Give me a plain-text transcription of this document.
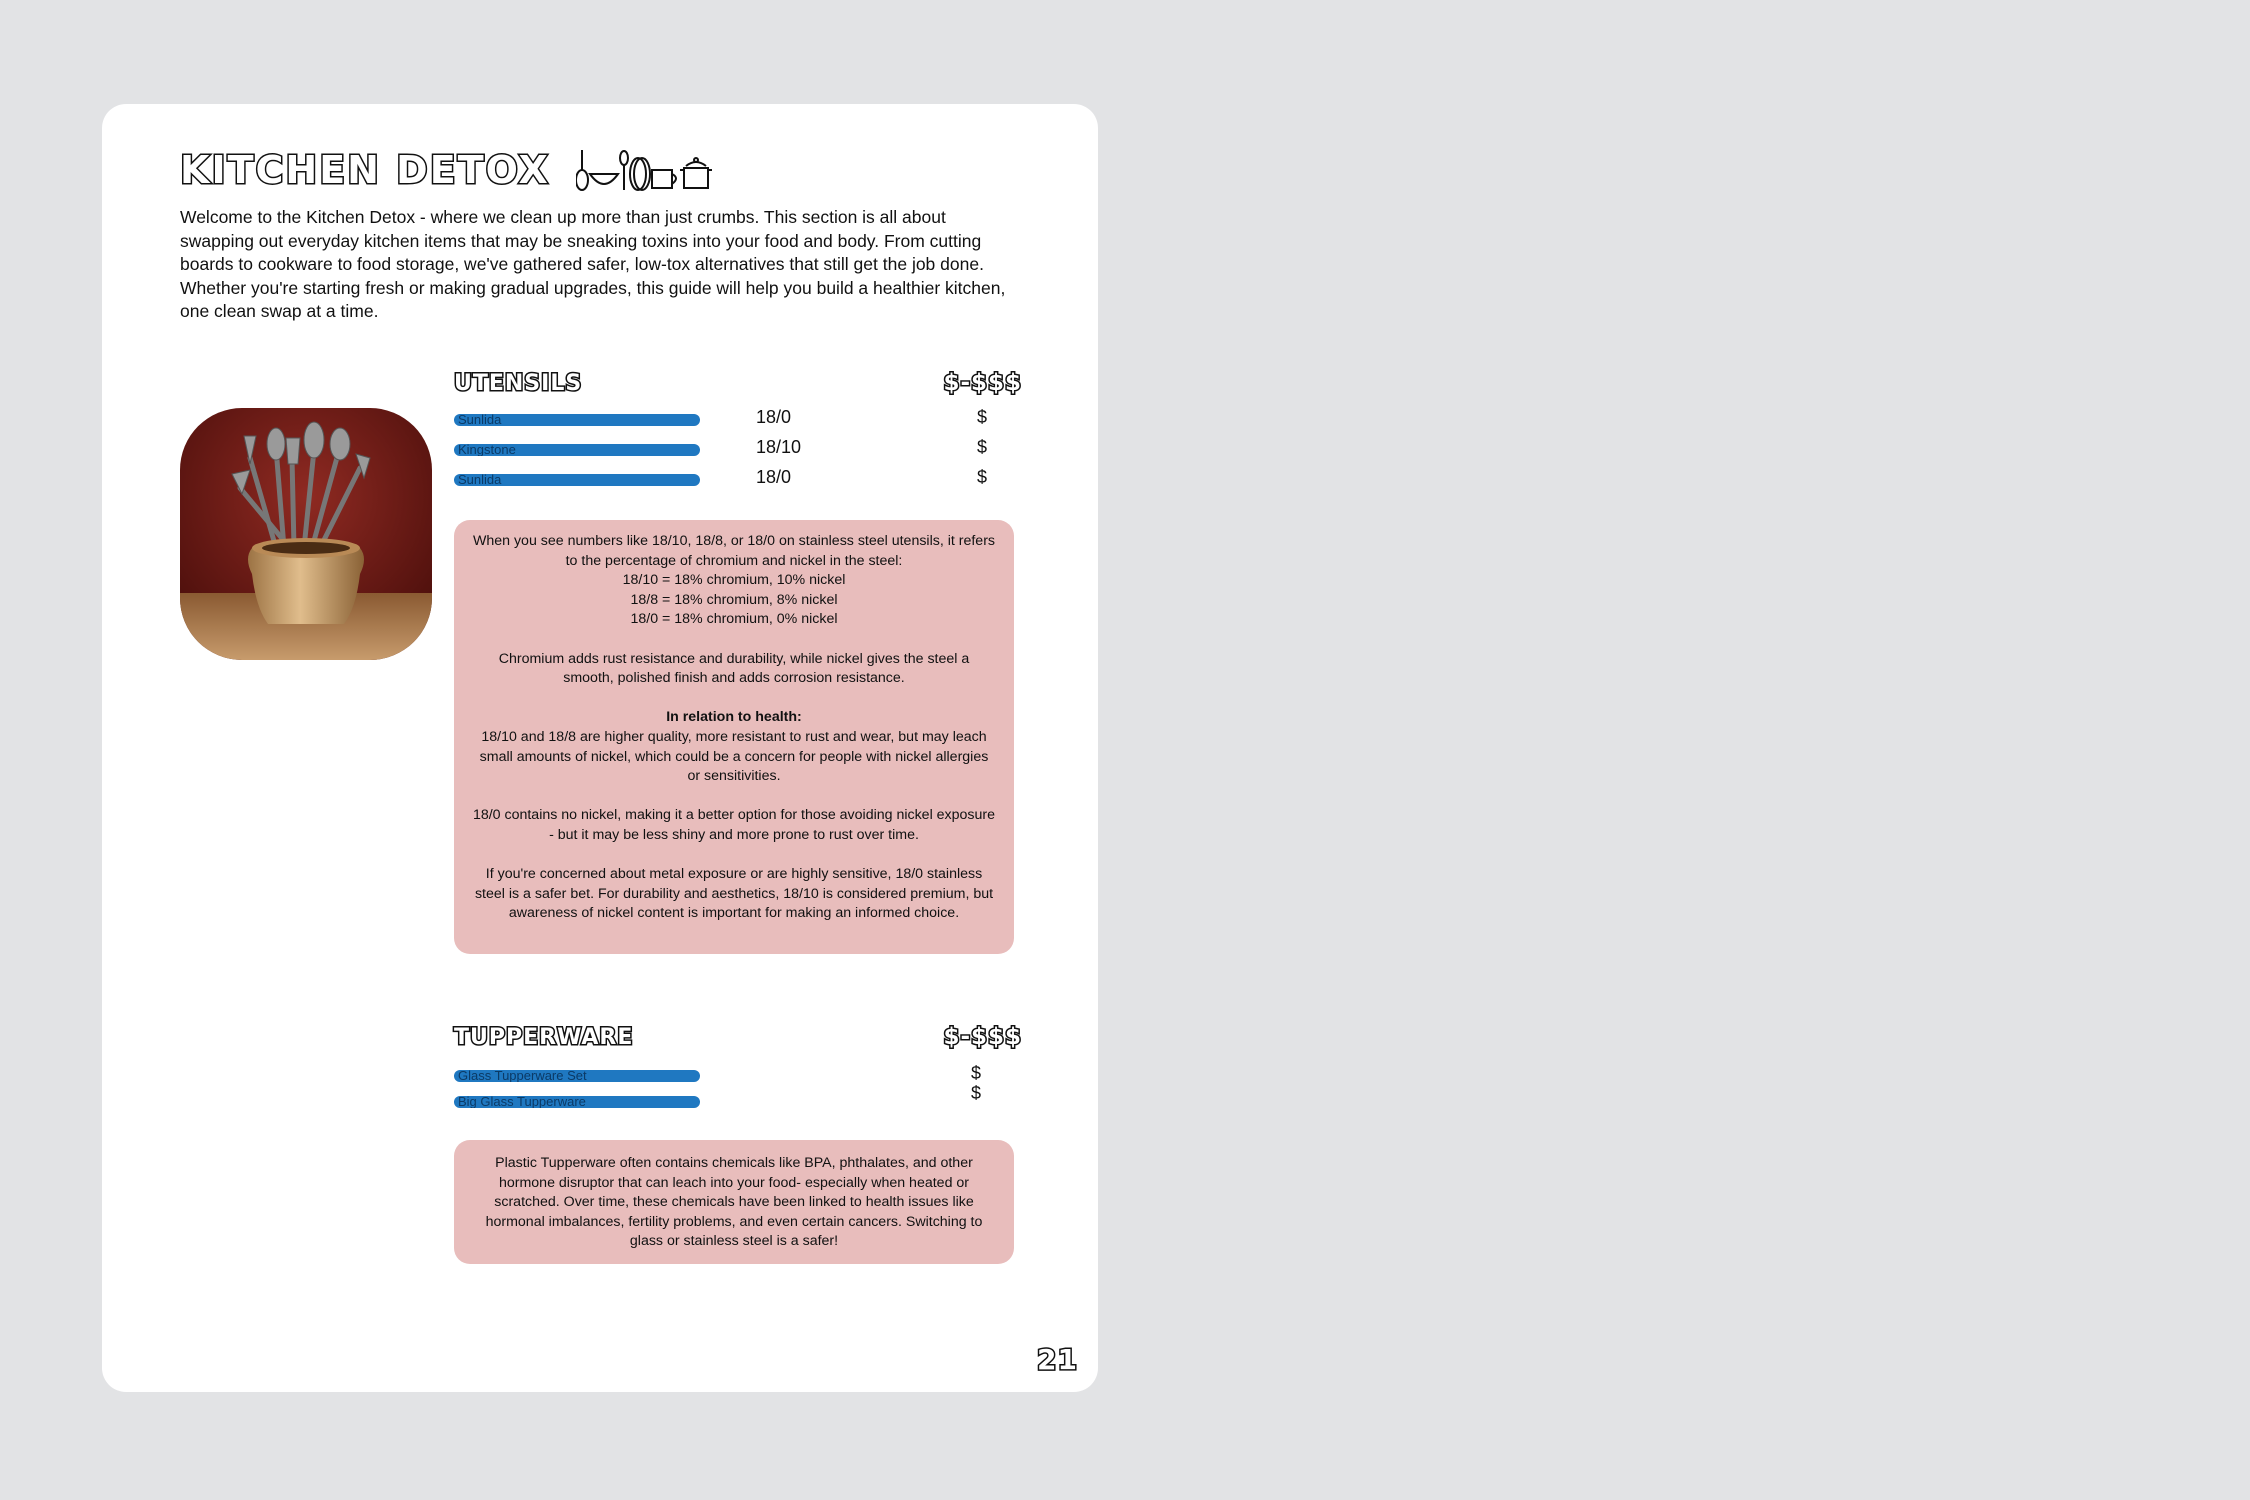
KITCHEN DETOX

Welcome to the Kitchen Detox - where we clean up more than just crumbs. This section is all about swapping out everyday kitchen items that may be sneaking toxins into your food and body. From cutting boards to cookware to food storage, we've gathered safer, low-tox alternatives that still get the job done. Whether you're starting fresh or making gradual upgrades, this guide will help you build a healthier kitchen, one clean swap at a time.

UTENSILS	$-$$$
Sunlida	18/0	$
Kingstone	18/10	$
Sunlida	18/0	$

When you see numbers like 18/10, 18/8, or 18/0 on stainless steel utensils, it refers to the percentage of chromium and nickel in the steel:

18/10 = 18% chromium, 10% nickel

18/8 = 18% chromium, 8% nickel

18/0 = 18% chromium, 0% nickel

Chromium adds rust resistance and durability, while nickel gives the steel a smooth, polished finish and adds corrosion resistance.

In relation to health:

18/10 and 18/8 are higher quality, more resistant to rust and wear, but may leach small amounts of nickel, which could be a concern for people with nickel allergies or sensitivities.

18/0 contains no nickel, making it a better option for those avoiding nickel exposure - but it may be less shiny and more prone to rust over time.

If you're concerned about metal exposure or are highly sensitive, 18/0 stainless steel is a safer bet. For durability and aesthetics, 18/10 is considered premium, but awareness of nickel content is important for making an informed choice.

TUPPERWARE	$-$$$
Glass Tupperware Set	$
Big Glass Tupperware	$

Plastic Tupperware often contains chemicals like BPA, phthalates, and other hormone disruptor that can leach into your food- especially when heated or scratched. Over time, these chemicals have been linked to health issues like hormonal imbalances, fertility problems, and even certain cancers. Switching to glass or stainless steel is a safer!

21
